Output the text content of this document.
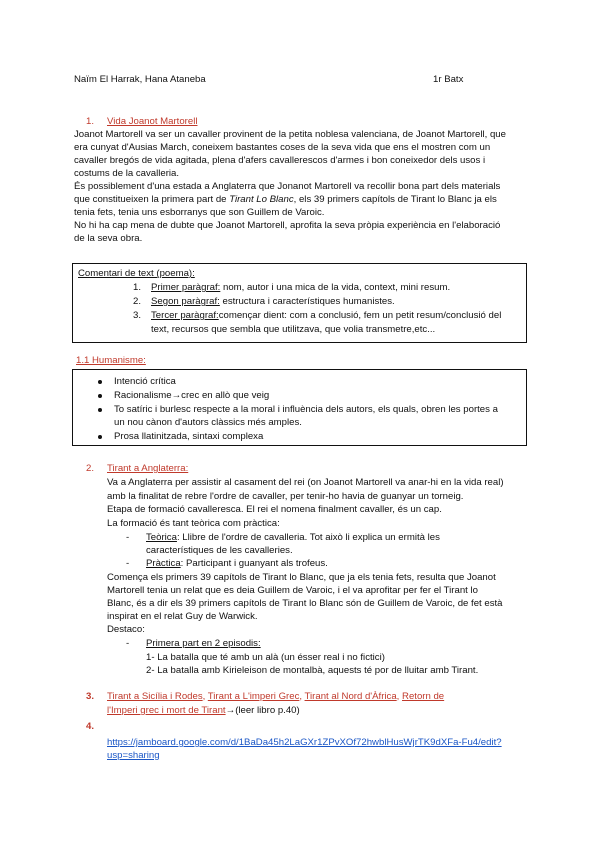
Naïm El Harrak, Hana Ataneba	1r Batx
1. Vida Joanot Martorell
Joanot Martorell va ser un cavaller provinent de la petita noblesa valenciana, de Joanot Martorell, que
era cunyat d'Ausias March, coneixem bastantes coses de la seva vida que ens el mostren com un
cavaller bregós de vida agitada, plena d'afers cavallerescos d'armes i bon coneixedor dels usos i
costums de la cavalleria.
És possiblement d'una estada a Anglaterra que Jonanot Martorell va recollir bona part dels materials
que constitueixen la primera part de Tirant Lo Blanc, els 39 primers capítols de Tirant lo Blanc ja els
tenia fets, tenia uns esborranys que son Guillem de Varoic.
No hi ha cap mena de dubte que Joanot Martorell, aprofita la seva pròpia experiència en l'elaboració
de la seva obra.
Comentari de text (poema):
1. Primer paràgraf: nom, autor i una mica de la vida, context, mini resum.
2. Segon paràgraf: estructura i característiques humanistes.
3. Tercer paràgraf:començar dient: com a conclusió, fem un petit resum/conclusió del
text, recursos que sembla que utilitzava, que volia transmetre,etc...
1.1 Humanisme:
Intenció crítica
Racionalisme→crec en allò que veig
To satíric i burlesc respecte a la moral i influència dels autors, els quals, obren les portes a
un nou cànon d'autors clàssics més amples.
Prosa llatinitzada, sintaxi complexa
2. Tirant a Anglaterra:
Va a Anglaterra per assistir al casament del rei (on Joanot Martorell va anar-hi en la vida real)
amb la finalitat de rebre l'ordre de cavaller, per tenir-ho havia de guanyar un torneig.
Etapa de formació cavalleresca. El rei el nomena finalment cavaller, és un cap.
La formació és tant teòrica com pràctica:
- Teòrica: Llibre de l'ordre de cavalleria. Tot això li explica un ermità les
característiques de les cavalleries.
- Pràctica: Participant i guanyant als trofeus.
Comença els primers 39 capítols de Tirant lo Blanc, que ja els tenia fets, resulta que Joanot
Martorell tenia un relat que es deia Guillem de Varoic, i el va aprofitar per fer el Tirant lo
Blanc, és a dir els 39 primers capítols de Tirant lo Blanc són de Guillem de Varoic, de fet està
inspirat en el relat Guy de Warwick.
Destaco:
- Primera part en 2 episodis:
1- La batalla que té amb un alà (un ésser real i no fictici)
2- La batalla amb Kirieleison de montalbà, aquests té por de lluitar amb Tirant.
3. Tirant a Sicília i Rodes, Tirant a L'imperi Grec, Tirant al Nord d'Àfrica, Retorn de
l'Imperi grec i mort de Tirant→(leer libro p.40)
4.
https://jamboard.google.com/d/1BaDa45h2LaGXr1ZPvXOf72hwblHusWjrTK9dXFa-Fu4/edit?
usp=sharing
